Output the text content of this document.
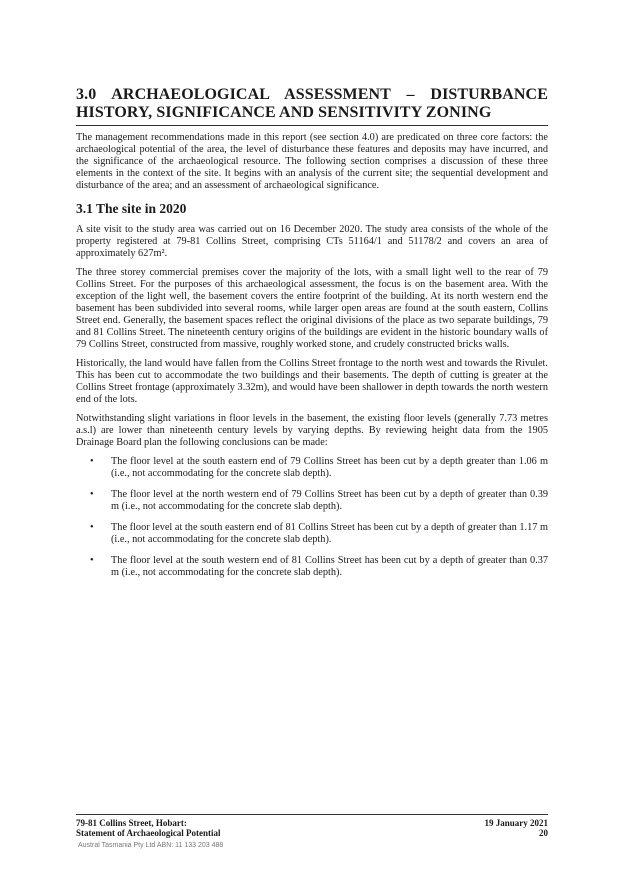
3.0 ARCHAEOLOGICAL ASSESSMENT – DISTURBANCE HISTORY, SIGNIFICANCE AND SENSITIVITY ZONING

The management recommendations made in this report (see section 4.0) are predicated on three core factors: the archaeological potential of the area, the level of disturbance these features and deposits may have incurred, and the significance of the archaeological resource. The following section comprises a discussion of these three elements in the context of the site. It begins with an analysis of the current site; the sequential development and disturbance of the area; and an assessment of archaeological significance.

3.1 The site in 2020

A site visit to the study area was carried out on 16 December 2020. The study area consists of the whole of the property registered at 79-81 Collins Street, comprising CTs 51164/1 and 51178/2 and covers an area of approximately 627m².

The three storey commercial premises cover the majority of the lots, with a small light well to the rear of 79 Collins Street. For the purposes of this archaeological assessment, the focus is on the basement area. With the exception of the light well, the basement covers the entire footprint of the building. At its north western end the basement has been subdivided into several rooms, while larger open areas are found at the south eastern, Collins Street end. Generally, the basement spaces reflect the original divisions of the place as two separate buildings, 79 and 81 Collins Street. The nineteenth century origins of the buildings are evident in the historic boundary walls of 79 Collins Street, constructed from massive, roughly worked stone, and crudely constructed bricks walls.

Historically, the land would have fallen from the Collins Street frontage to the north west and towards the Rivulet. This has been cut to accommodate the two buildings and their basements. The depth of cutting is greater at the Collins Street frontage (approximately 3.32m), and would have been shallower in depth towards the north western end of the lots.

Notwithstanding slight variations in floor levels in the basement, the existing floor levels (generally 7.73 metres a.s.l) are lower than nineteenth century levels by varying depths. By reviewing height data from the 1905 Drainage Board plan the following conclusions can be made:

• The floor level at the south eastern end of 79 Collins Street has been cut by a depth greater than 1.06 m (i.e., not accommodating for the concrete slab depth).
• The floor level at the north western end of 79 Collins Street has been cut by a depth of greater than 0.39 m (i.e., not accommodating for the concrete slab depth).
• The floor level at the south eastern end of 81 Collins Street has been cut by a depth of greater than 1.17 m (i.e., not accommodating for the concrete slab depth).
• The floor level at the south western end of 81 Collins Street has been cut by a depth of greater than 0.37 m (i.e., not accommodating for the concrete slab depth).
79-81 Collins Street, Hobart:
Statement of Archaeological Potential
19 January 2021
20
Austral Tasmania Pty Ltd ABN: 11 133 203 488
